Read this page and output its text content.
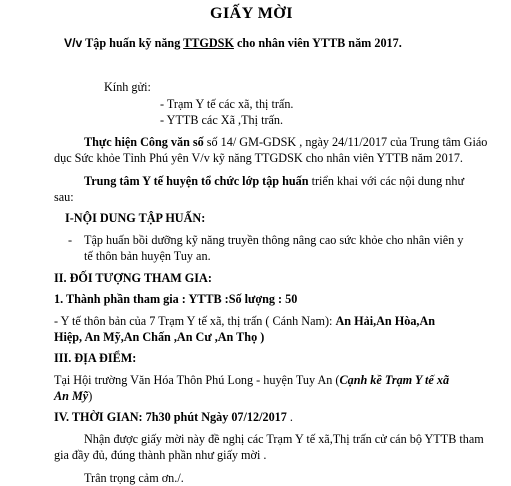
GIẤY MỜI
V/v Tập huấn kỹ năng TTGDSK cho nhân viên YTTB năm 2017.
Kính gửi:
- Trạm Y tế các xã, thị trấn.
- YTTB các Xã ,Thị trấn.
Thực hiện Công văn số số 14/ GM-GDSK , ngày 24/11/2017 của Trung tâm Giáo
dục Sức khỏe Tỉnh Phú yên V/v kỹ năng TTGDSK cho nhân viên YTTB năm 2017.
Trung tâm Y tế huyện tổ chức lớp tập huấn triển khai với các nội dung như
sau:
I-NỘI DUNG TẬP HUẤN:
- Tập huấn bồi dưỡng kỹ năng truyền thông nâng cao sức khỏe cho nhân viên y
tế thôn bản huyện Tuy an.
II. ĐỐI TƯỢNG THAM GIA:
1. Thành phần tham gia : YTTB :Số lượng : 50
- Y tế thôn bản của 7 Trạm Y tế xã, thị trấn ( Cánh Nam): An Hải,An Hòa,An
Hiệp, An Mỹ,An Chấn ,An Cư ,An Thọ )
III. ĐỊA ĐIỂM:
Tại Hội trường Văn Hóa Thôn Phú Long - huyện Tuy An (Cạnh kề Trạm Y tế xã
An Mỹ)
IV. THỜI GIAN: 7h30 phút Ngày 07/12/2017 .
Nhận được giấy mời này đề nghị các Trạm Y tế xã,Thị trấn cử cán bộ YTTB tham
gia đầy đủ, đúng thành phần như giấy mời .
Trân trọng cảm ơn./.
